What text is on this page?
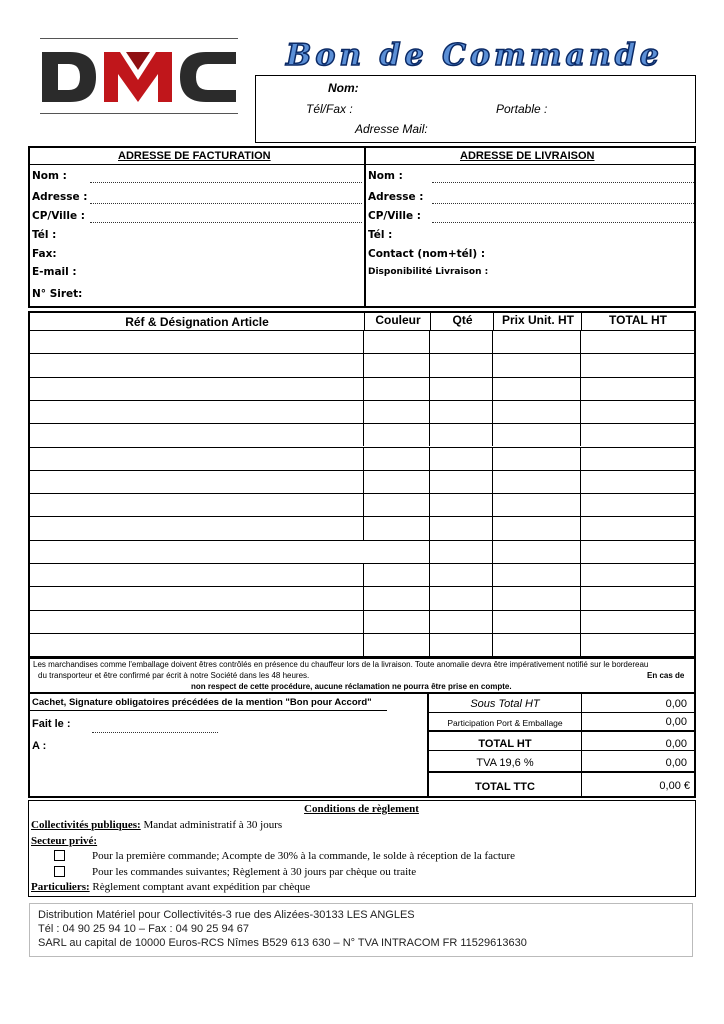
Bon de Commande
Nom:
Tél/Fax :	Portable :
Adresse Mail:
ADRESSE DE FACTURATION
Nom :
Adresse :
CP/Ville :
Tél :
Fax:
E-mail :
N° Siret:
ADRESSE DE LIVRAISON
Nom :
Adresse :
CP/Ville :
Tél :
Contact (nom+tél) :
Disponibilité Livraison :
Réf & Désignation Article	Couleur	Qté	Prix Unit. HT	TOTAL HT
Les marchandises comme l'emballage doivent êtres contrôlés en présence du chauffeur lors de la livraison. Toute anomalie devra être impérativement notifié sur le bordereau
du transporteur et être confirmé par écrit à notre Société dans les 48 heures.	En cas de
non respect de cette procédure, aucune réclamation ne pourra être prise en compte.
Cachet, Signature obligatoires précédées de la mention "Bon pour Accord"
Fait le :
A :
Sous Total HT	0,00
Participation Port & Emballage	0,00
TOTAL HT	0,00
TVA 19,6 %	0,00
TOTAL TTC	0,00 €
Conditions de règlement
Collectivités publiques: Mandat administratif à 30 jours
Secteur privé:
Pour la première commande; Acompte de 30% à la commande, le solde à réception de la facture
Pour les commandes suivantes; Règlement à 30 jours par chèque ou traite
Particuliers: Règlement comptant avant expédition par chèque
Distribution Matériel pour Collectivités-3 rue des Alizées-30133 LES ANGLES
Tél : 04 90 25 94 10 – Fax : 04 90 25 94 67
SARL au capital de 10000 Euros-RCS Nîmes B529 613 630 – N° TVA INTRACOM FR 11529613630
